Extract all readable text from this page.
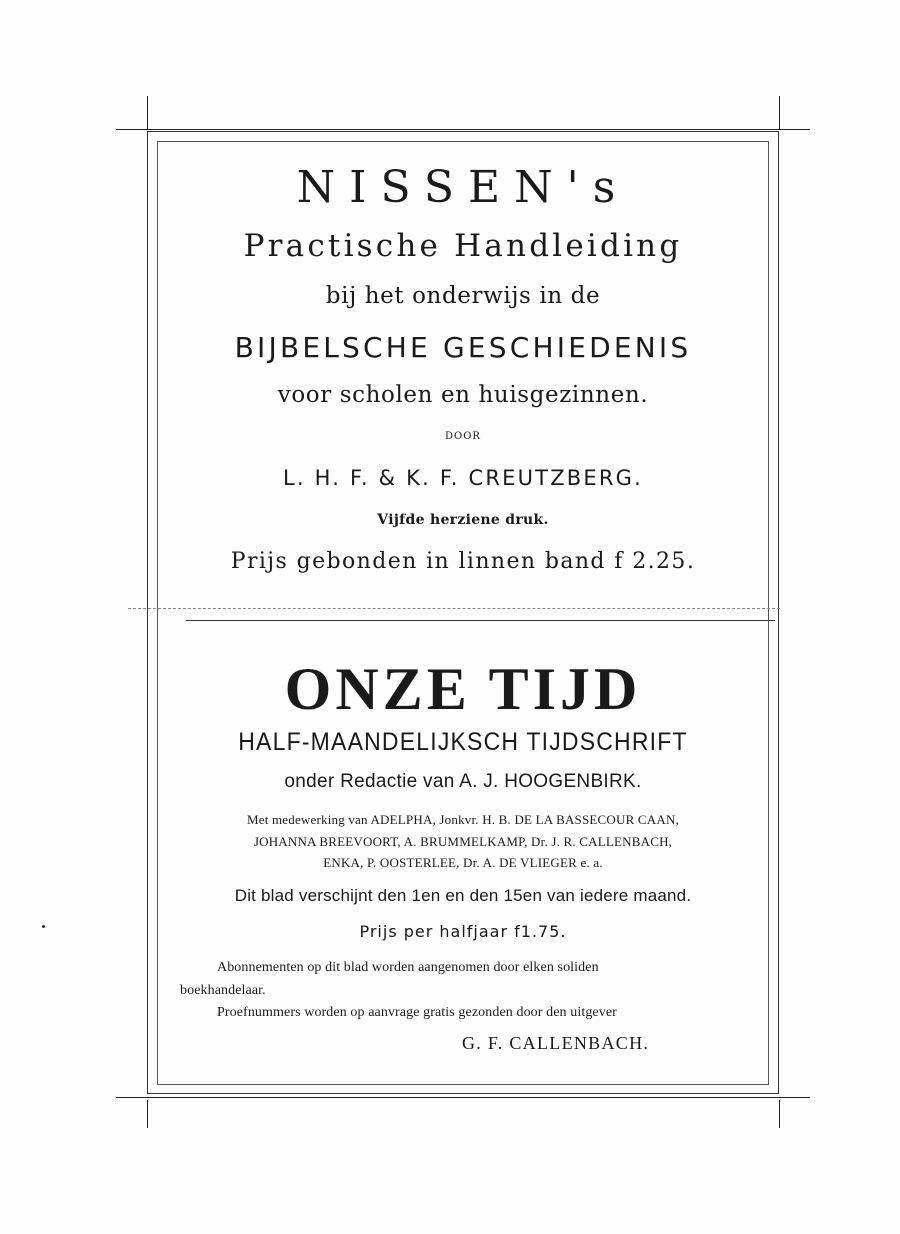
NISSEN's
Practische Handleiding
bij het onderwijs in de
BIJBELSCHE GESCHIEDENIS
voor scholen en huisgezinnen.
DOOR
L. H. F. & K. F. CREUTZBERG.
Vijfde herziene druk.
Prijs gebonden in linnen band f 2.25.
ONZE TIJD
HALF-MAANDELIJKSCH TIJDSCHRIFT
onder Redactie van A. J. HOOGENBIRK.
Met medewerking van ADELPHA, Jonkvr. H. B. DE LA BASSECOUR CAAN,
JOHANNA BREEVOORT, A. BRUMMELKAMP, Dr. J. R. CALLENBACH,
ENKA, P. OOSTERLEE, Dr. A. DE VLIEGER e. a.
Dit blad verschijnt den 1en en den 15en van iedere maand.
Prijs per halfjaar f1.75.
Abonnementen op dit blad worden aangenomen door elken soliden
boekhandelaar.
Proefnummers worden op aanvrage gratis gezonden door den uitgever
G. F. CALLENBACH.
